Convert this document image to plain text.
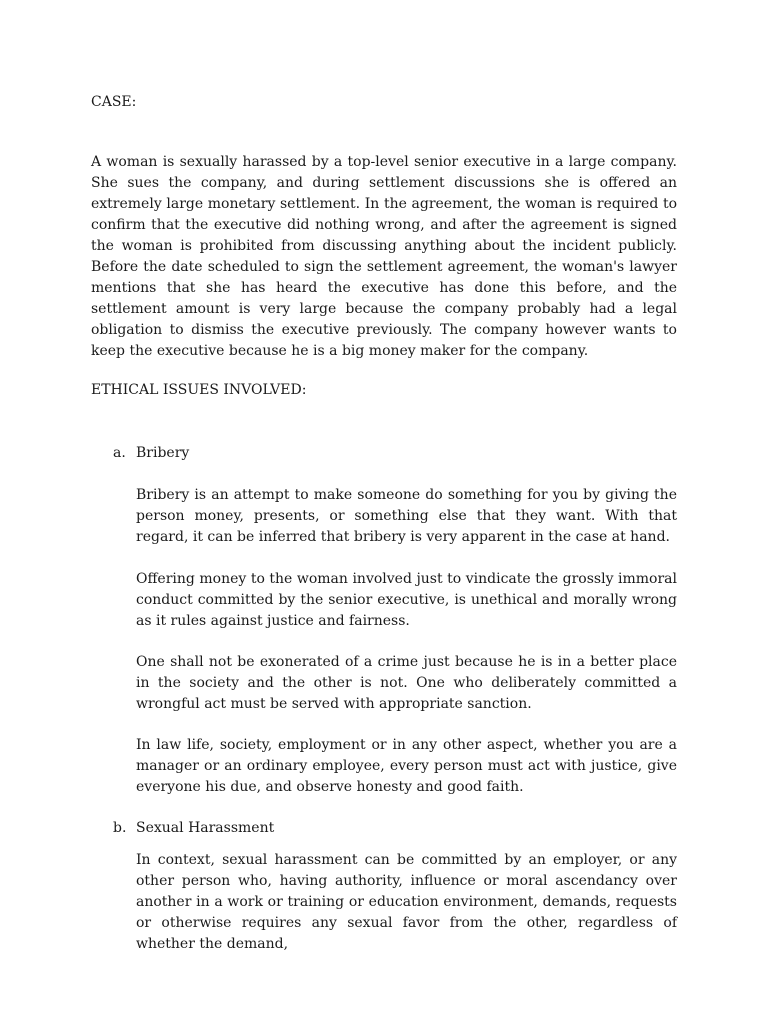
CASE:

A woman is sexually harassed by a top-level senior executive in a large company. She sues the company, and during settlement discussions she is offered an extremely large monetary settlement. In the agreement, the woman is required to confirm that the executive did nothing wrong, and after the agreement is signed the woman is prohibited from discussing anything about the incident publicly. Before the date scheduled to sign the settlement agreement, the woman's lawyer mentions that she has heard the executive has done this before, and the settlement amount is very large because the company probably had a legal obligation to dismiss the executive previously. The company however wants to keep the executive because he is a big money maker for the company.

ETHICAL ISSUES INVOLVED:

a. Bribery

Bribery is an attempt to make someone do something for you by giving the person money, presents, or something else that they want. With that regard, it can be inferred that bribery is very apparent in the case at hand.

Offering money to the woman involved just to vindicate the grossly immoral conduct committed by the senior executive, is unethical and morally wrong as it rules against justice and fairness.

One shall not be exonerated of a crime just because he is in a better place in the society and the other is not. One who deliberately committed a wrongful act must be served with appropriate sanction.

In law life, society, employment or in any other aspect, whether you are a manager or an ordinary employee, every person must act with justice, give everyone his due, and observe honesty and good faith.

b. Sexual Harassment

In context, sexual harassment can be committed by an employer, or any other person who, having authority, influence or moral ascendancy over another in a work or training or education environment, demands, requests or otherwise requires any sexual favor from the other, regardless of whether the demand,
